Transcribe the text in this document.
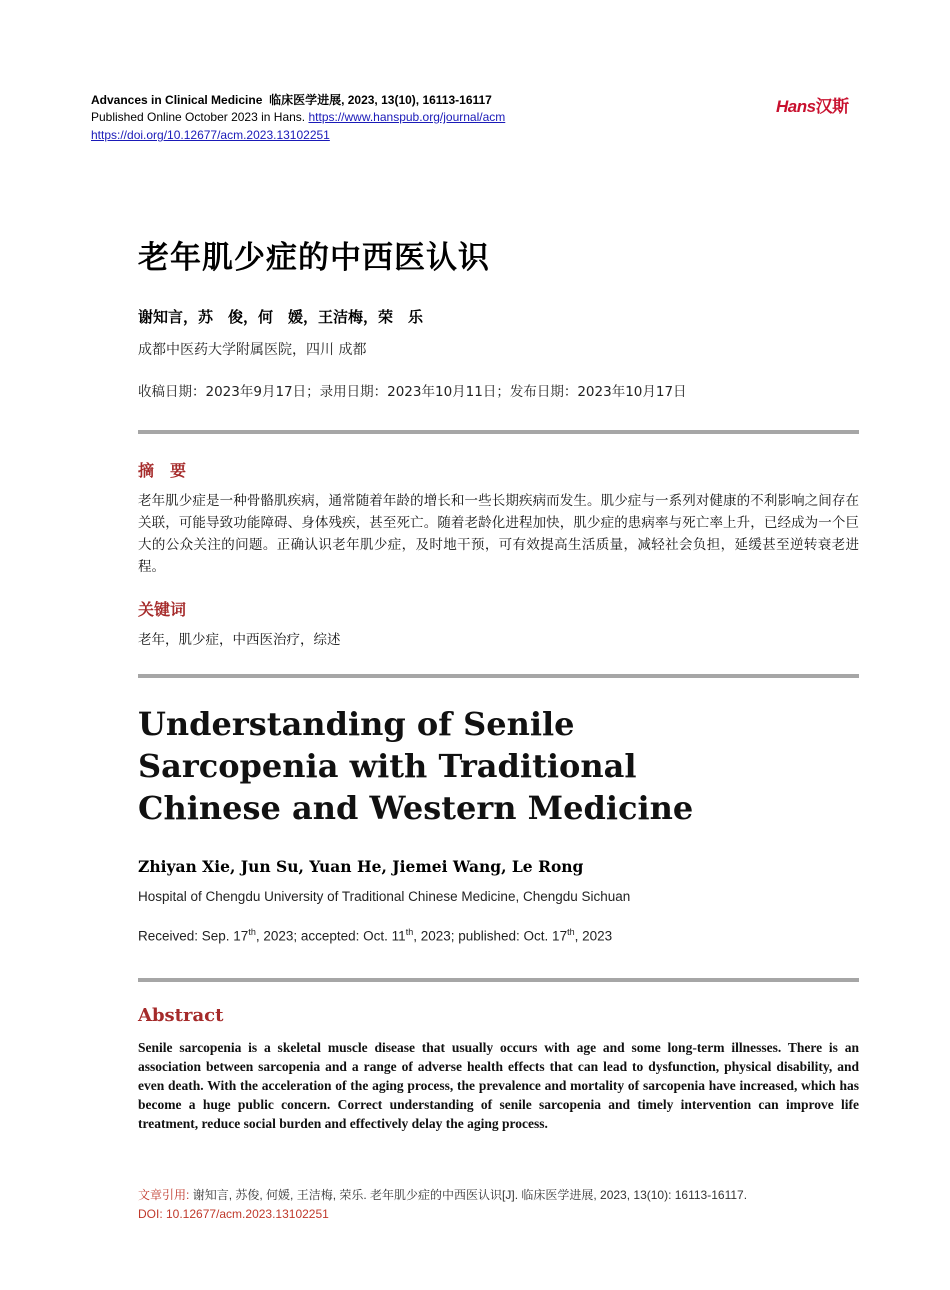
Advances in Clinical Medicine 临床医学进展, 2023, 13(10), 16113-16117
Published Online October 2023 in Hans. https://www.hanspub.org/journal/acm
https://doi.org/10.12677/acm.2023.13102251
Hans汉斯
老年肌少症的中西医认识
谢知言，苏　俊，何　媛，王洁梅，荣　乐
成都中医药大学附属医院，四川 成都
收稿日期：2023年9月17日；录用日期：2023年10月11日；发布日期：2023年10月17日
摘　要
老年肌少症是一种骨骼肌疾病，通常随着年龄的增长和一些长期疾病而发生。肌少症与一系列对健康的不利影响之间存在关联，可能导致功能障碍、身体残疾，甚至死亡。随着老龄化进程加快，肌少症的患病率与死亡率上升，已经成为一个巨大的公众关注的问题。正确认识老年肌少症，及时地干预，可有效提高生活质量，减轻社会负担，延缓甚至逆转衰老进程。
关键词
老年，肌少症，中西医治疗，综述
Understanding of Senile Sarcopenia with Traditional Chinese and Western Medicine
Zhiyan Xie, Jun Su, Yuan He, Jiemei Wang, Le Rong
Hospital of Chengdu University of Traditional Chinese Medicine, Chengdu Sichuan
Received: Sep. 17th, 2023; accepted: Oct. 11th, 2023; published: Oct. 17th, 2023
Abstract
Senile sarcopenia is a skeletal muscle disease that usually occurs with age and some long-term illnesses. There is an association between sarcopenia and a range of adverse health effects that can lead to dysfunction, physical disability, and even death. With the acceleration of the aging process, the prevalence and mortality of sarcopenia have increased, which has become a huge public concern. Correct understanding of senile sarcopenia and timely intervention can improve life treatment, reduce social burden and effectively delay the aging process.
文章引用: 谢知言, 苏俊, 何媛, 王洁梅, 荣乐. 老年肌少症的中西医认识[J]. 临床医学进展, 2023, 13(10): 16113-16117.
DOI: 10.12677/acm.2023.13102251
